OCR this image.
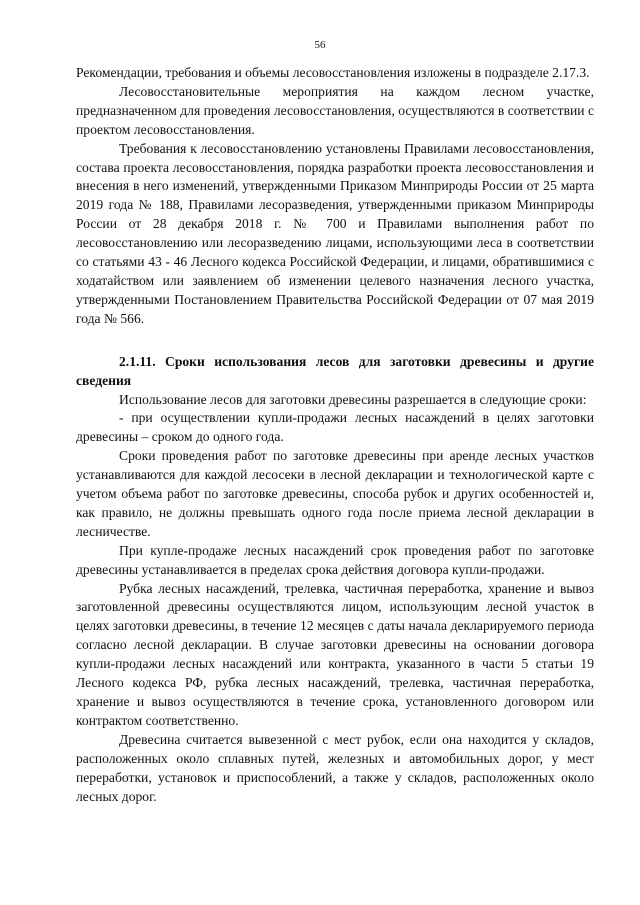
56

Рекомендации, требования и объемы лесовосстановления изложены в подразделе 2.17.3.

Лесовосстановительные мероприятия на каждом лесном участке, предназначенном для проведения лесовосстановления, осуществляются в соответствии с проектом лесовосстановления.

Требования к лесовосстановлению установлены Правилами лесовосстановления, состава проекта лесовосстановления, порядка разработки проекта лесовосстановления и внесения в него изменений, утвержденными Приказом Минприроды России от 25 марта 2019 года № 188, Правилами лесоразведения, утвержденными приказом Минприроды России от 28 декабря 2018 г. № 700 и Правилами выполнения работ по лесовосстановлению или лесоразведению лицами, использующими леса в соответствии со статьями 43 - 46 Лесного кодекса Российской Федерации, и лицами, обратившимися с ходатайством или заявлением об изменении целевого назначения лесного участка, утвержденными Постановлением Правительства Российской Федерации от 07 мая 2019 года № 566.

2.1.11. Сроки использования лесов для заготовки древесины и другие сведения

Использование лесов для заготовки древесины разрешается в следующие сроки:

- при осуществлении купли-продажи лесных насаждений в целях заготовки древесины – сроком до одного года.

Сроки проведения работ по заготовке древесины при аренде лесных участков устанавливаются для каждой лесосеки в лесной декларации и технологической карте с учетом объема работ по заготовке древесины, способа рубок и других особенностей и, как правило, не должны превышать одного года после приема лесной декларации в лесничестве.

При купле-продаже лесных насаждений срок проведения работ по заготовке древесины устанавливается в пределах срока действия договора купли-продажи.

Рубка лесных насаждений, трелевка, частичная переработка, хранение и вывоз заготовленной древесины осуществляются лицом, использующим лесной участок в целях заготовки древесины, в течение 12 месяцев с даты начала декларируемого периода согласно лесной декларации. В случае заготовки древесины на основании договора купли-продажи лесных насаждений или контракта, указанного в части 5 статьи 19 Лесного кодекса РФ, рубка лесных насаждений, трелевка, частичная переработка, хранение и вывоз осуществляются в течение срока, установленного договором или контрактом соответственно.

Древесина считается вывезенной с мест рубок, если она находится у складов, расположенных около сплавных путей, железных и автомобильных дорог, у мест переработки, установок и приспособлений, а также у складов, расположенных около лесных дорог.
